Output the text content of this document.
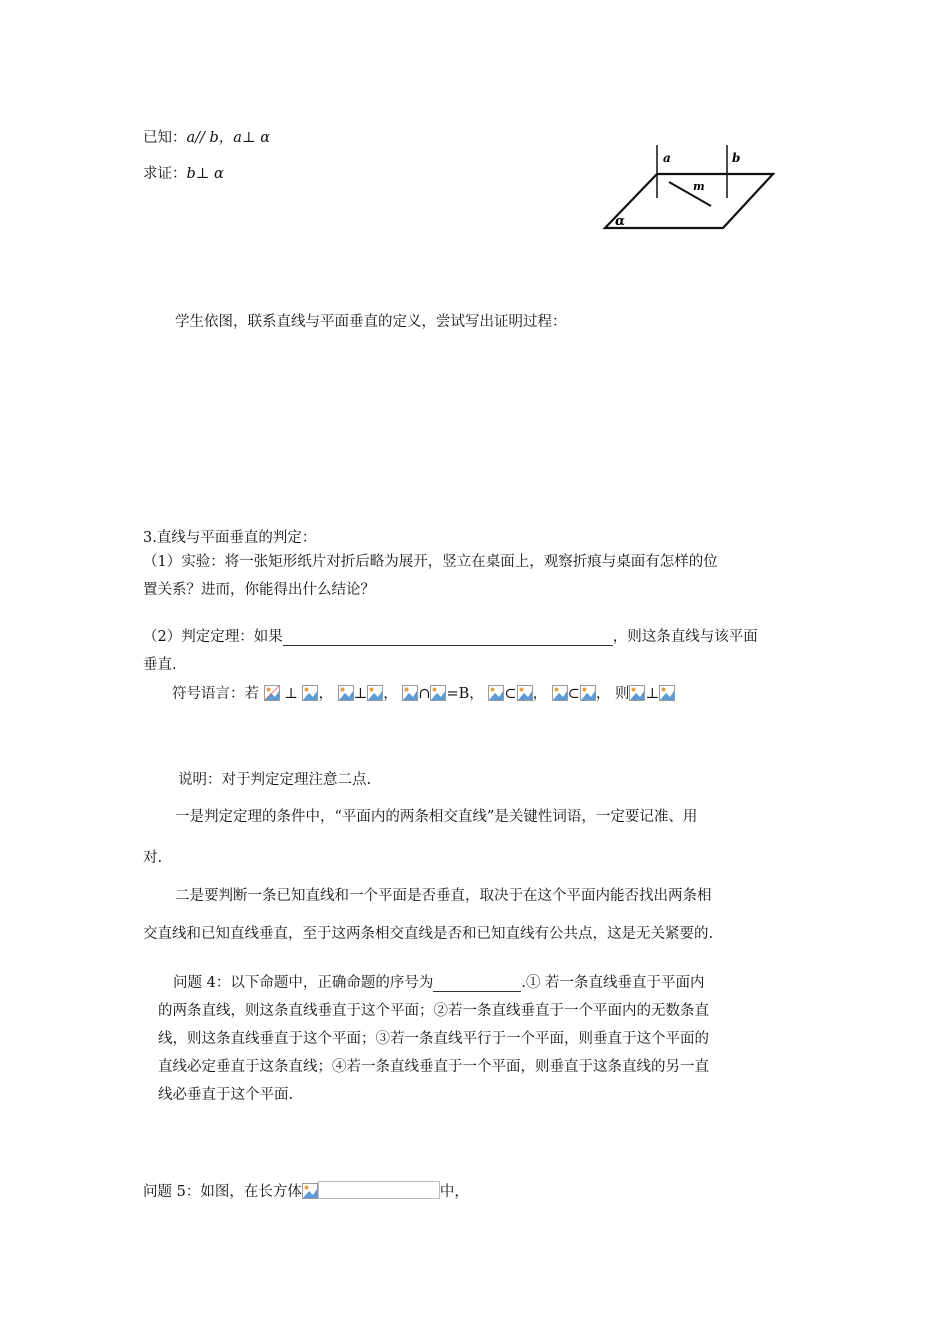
已知：a// b，a⊥ α
求证：b⊥ α
a	b
m
α
学生依图，联系直线与平面垂直的定义，尝试写出证明过程：
3.直线与平面垂直的判定：
（1）实验：将一张矩形纸片对折后略为展开，竖立在桌面上，观察折痕与桌面有怎样的位
置关系？进而，你能得出什么结论？
（2）判定定理：如果	，则这条直线与该平面
垂直.
符号语言：若 ⊥ ， ⊥ ， ∩ =B， ⊂ ， ⊂ ， 则 ⊥
说明：对于判定定理注意二点.
一是判定定理的条件中，“平面内的两条相交直线”是关键性词语，一定要记准、用
对.
二是要判断一条已知直线和一个平面是否垂直，取决于在这个平面内能否找出两条相
交直线和已知直线垂直，至于这两条相交直线是否和已知直线有公共点，这是无关紧要的.
问题 4：以下命题中，正确命题的序号为	.① 若一条直线垂直于平面内
的两条直线，则这条直线垂直于这个平面；②若一条直线垂直于一个平面内的无数条直
线，则这条直线垂直于这个平面；③若一条直线平行于一个平面，则垂直于这个平面的
直线必定垂直于这条直线；④若一条直线垂直于一个平面，则垂直于这条直线的另一直
线必垂直于这个平面.
问题 5：如图，在长方体	中，
